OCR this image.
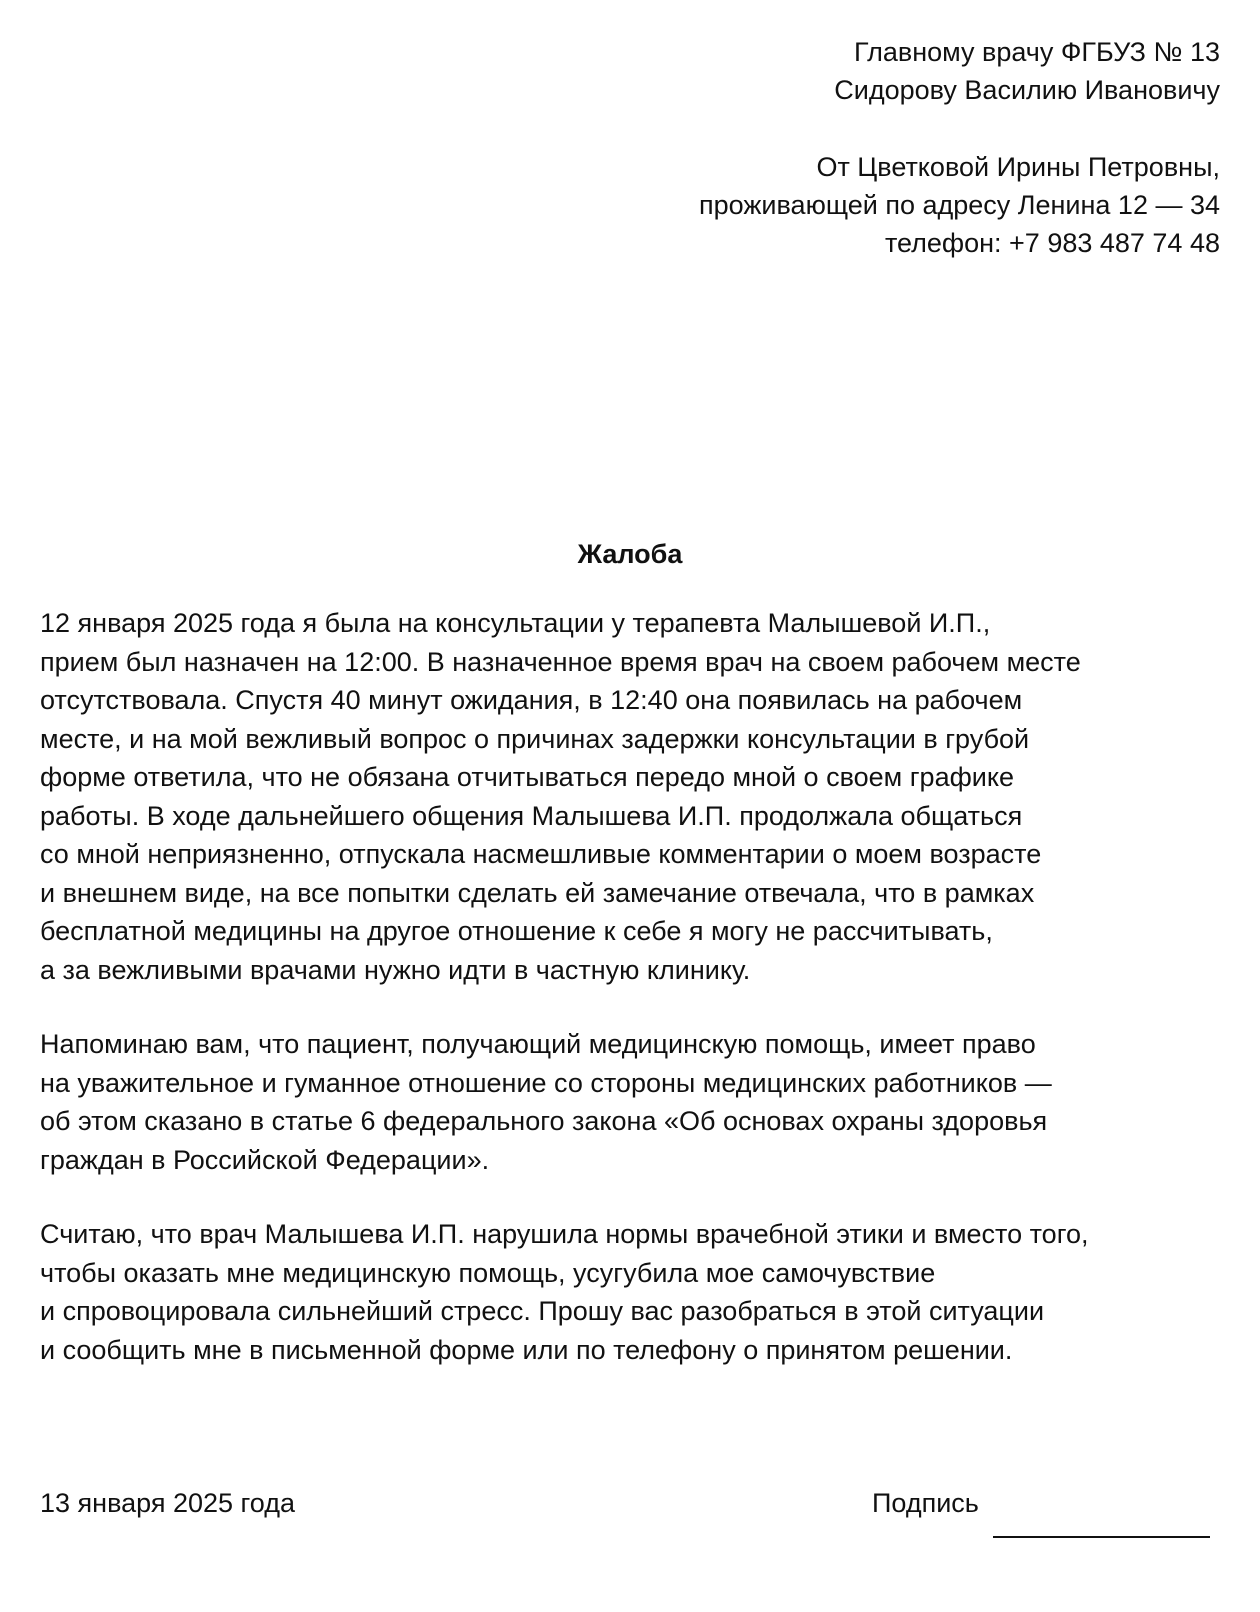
Главному врачу ФГБУЗ № 13
Сидорову Василию Ивановичу
От Цветковой Ирины Петровны,
проживающей по адресу Ленина 12 — 34
телефон: +7 983 487 74 48
Жалоба
12 января 2025 года я была на консультации у терапевта Малышевой И.П.,
прием был назначен на 12:00. В назначенное время врач на своем рабочем месте
отсутствовала. Спустя 40 минут ожидания, в 12:40 она появилась на рабочем
месте, и на мой вежливый вопрос о причинах задержки консультации в грубой
форме ответила, что не обязана отчитываться передо мной о своем графике
работы. В ходе дальнейшего общения Малышева И.П. продолжала общаться
со мной неприязненно, отпускала насмешливые комментарии о моем возрасте
и внешнем виде, на все попытки сделать ей замечание отвечала, что в рамках
бесплатной медицины на другое отношение к себе я могу не рассчитывать,
а за вежливыми врачами нужно идти в частную клинику.
Напоминаю вам, что пациент, получающий медицинскую помощь, имеет право
на уважительное и гуманное отношение со стороны медицинских работников —
об этом сказано в статье 6 федерального закона «Об основах охраны здоровья
граждан в Российской Федерации».
Считаю, что врач Малышева И.П. нарушила нормы врачебной этики и вместо того,
чтобы оказать мне медицинскую помощь, усугубила мое самочувствие
и спровоцировала сильнейший стресс. Прошу вас разобраться в этой ситуации
и сообщить мне в письменной форме или по телефону о принятом решении.
13 января 2025 года	Подпись
